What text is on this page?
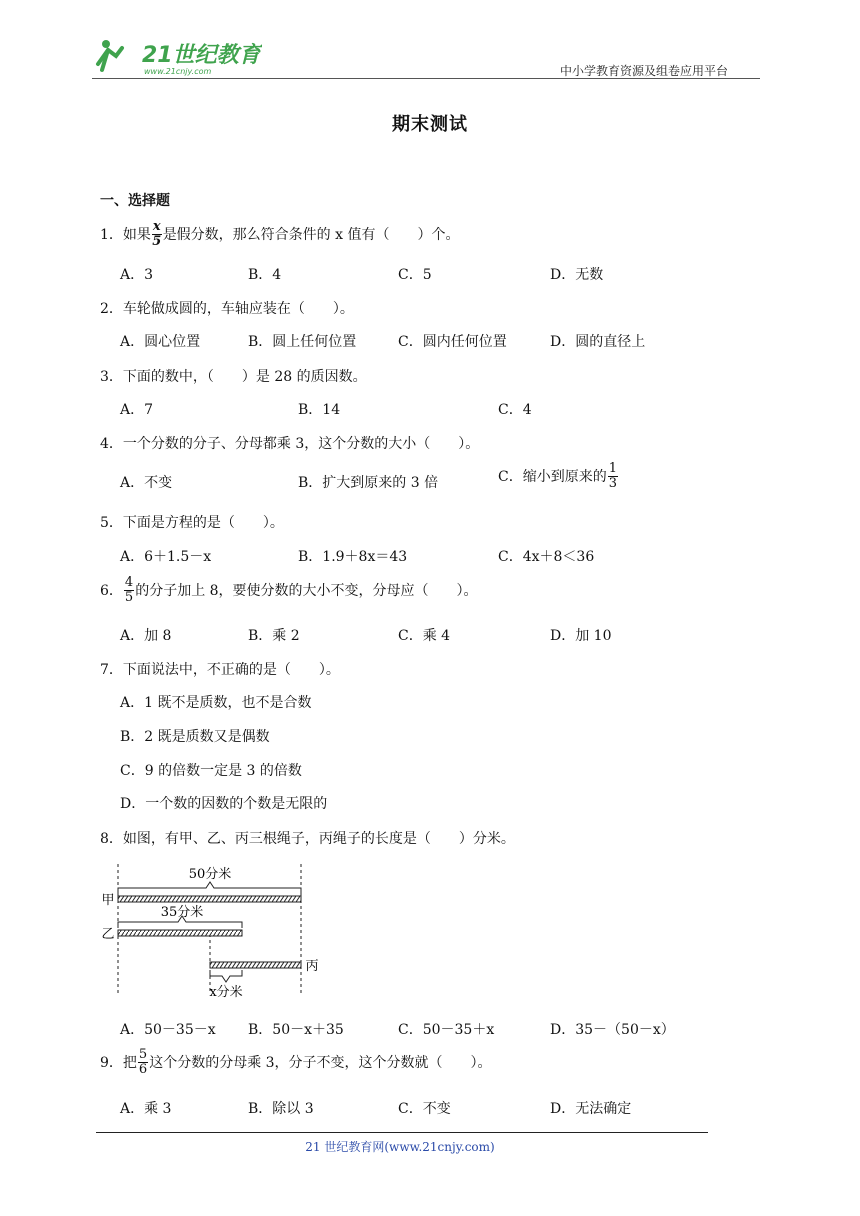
21世纪教育
www.21cnjy.com	中小学教育资源及组卷应用平台
期末测试
一、选择题
1．如果 $\frac{x}{5}$ 是假分数，那么符合条件的 x 值有（　　）个。
A．3	B．4	C．5	D．无数
2．车轮做成圆的，车轴应装在（　　）。
A．圆心位置	B．圆上任何位置	C．圆内任何位置	D．圆的直径上
3．下面的数中，（　　）是 28 的质因数。
A．7	B．14	C．4
4．一个分数的分子、分母都乘 3，这个分数的大小（　　）。
A．不变	B．扩大到原来的 3 倍	C．缩小到原来的 $\frac{1}{3}$
5．下面是方程的是（　　）。
A．6＋1.5－x	B．1.9＋8x＝43	C．4x＋8＜36
6． $\frac{4}{5}$ 的分子加上 8，要使分数的大小不变，分母应（　　）。
A．加 8	B．乘 2	C．乘 4	D．加 10
7．下面说法中，不正确的是（　　）。
A．1 既不是质数，也不是合数
B．2 既是质数又是偶数
C．9 的倍数一定是 3 的倍数
D．一个数的因数的个数是无限的
8．如图，有甲、乙、丙三根绳子，丙绳子的长度是（　　）分米。
50分米
甲
35分米
乙
丙
x分米
A．50－35－x B．50－x＋35	C．50－35＋x	D．35－（50－x）
9．把 $\frac{5}{6}$ 这个分数的分母乘 3，分子不变，这个分数就（　　）。
A．乘 3	B．除以 3	C．不变	D．无法确定
21 世纪教育网(www.21cnjy.com)
